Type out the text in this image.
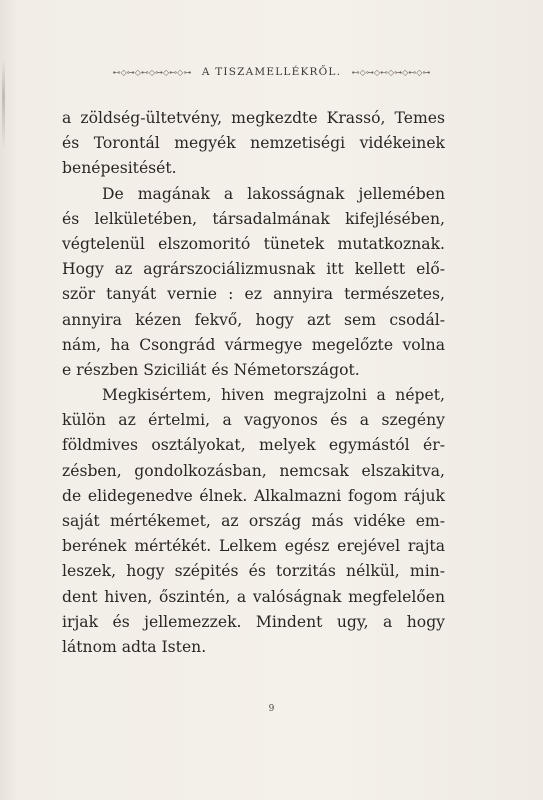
⊷◇⊶◇⊷◇⊶◇⊷◇⊶ A TISZAMELLÉKRŐL. ⊷◇⊶◇⊷◇⊶◇⊷◇⊶
a zöldség-ültetvény, megkezdte Krassó, Temes
és Torontál megyék nemzetiségi vidékeinek
benépesitését.
De magának a lakosságnak jellemében
és lelkületében, társadalmának kifejlésében,
végtelenül elszomoritó tünetek mutatkoznak.
Hogy az agrárszociálizmusnak itt kellett elő-
ször tanyát vernie : ez annyira természetes,
annyira kézen fekvő, hogy azt sem csodál-
nám, ha Csongrád vármegye megelőzte volna
e részben Sziciliát és Németországot.
Megkisértem, hiven megrajzolni a népet,
külön az értelmi, a vagyonos és a szegény
földmives osztályokat, melyek egymástól ér-
zésben, gondolkozásban, nemcsak elszakitva,
de elidegenedve élnek. Alkalmazni fogom rájuk
saját mértékemet, az ország más vidéke em-
berének mértékét. Lelkem egész erejével rajta
leszek, hogy szépités és torzitás nélkül, min-
dent hiven, őszintén, a valóságnak megfelelően
irjak és jellemezzek. Mindent ugy, a hogy
látnom adta Isten.
9
